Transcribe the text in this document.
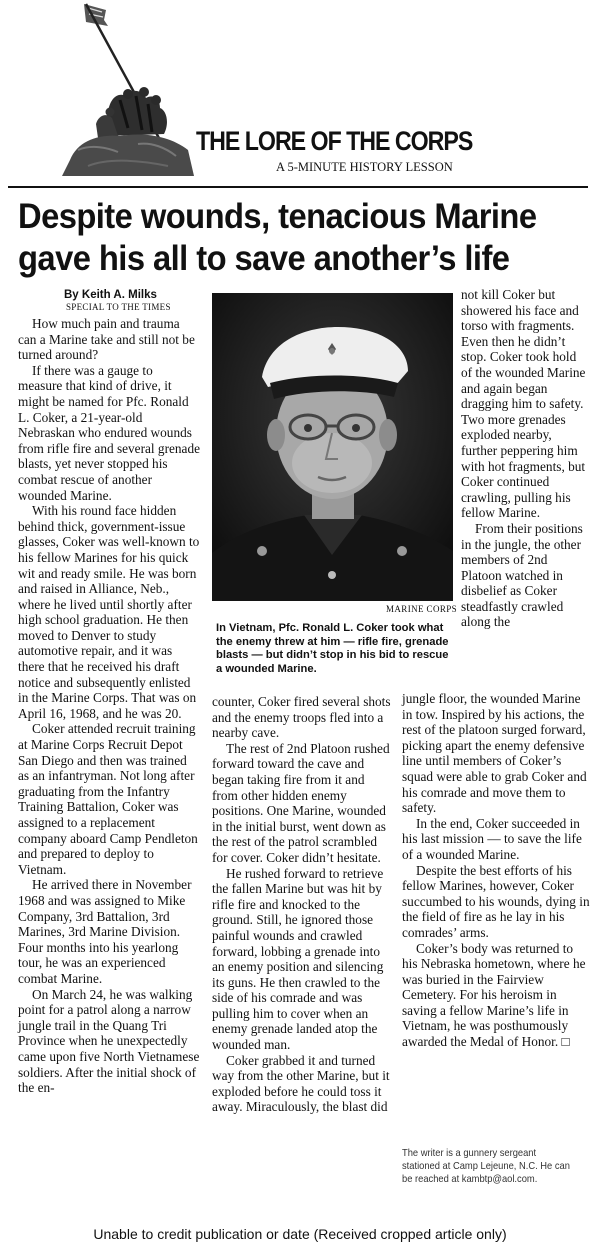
THE LORE OF THE CORPS
A 5-MINUTE HISTORY LESSON
Despite wounds, tenacious Marine
gave his all to save another’s life
By Keith A. Milks
SPECIAL TO THE TIMES

How much pain and trauma can a Marine take and still not be turned around?

If there was a gauge to measure that kind of drive, it might be named for Pfc. Ronald L. Coker, a 21-year-old Nebraskan who endured wounds from rifle fire and several grenade blasts, yet never stopped his combat rescue of another wounded Marine.

With his round face hidden behind thick, government-issue glasses, Coker was well-known to his fellow Marines for his quick wit and ready smile. He was born and raised in Alliance, Neb., where he lived until shortly after high school graduation. He then moved to Denver to study automotive repair, and it was there that he received his draft notice and subsequently enlisted in the Marine Corps. That was on April 16, 1968, and he was 20.

Coker attended recruit training at Marine Corps Recruit Depot San Diego and then was trained as an infantryman. Not long after graduating from the Infantry Training Battalion, Coker was assigned to a replacement company aboard Camp Pendleton and prepared to deploy to Vietnam.

He arrived there in November 1968 and was assigned to Mike Company, 3rd Battalion, 3rd Marines, 3rd Marine Division. Four months into his yearlong tour, he was an experienced combat Marine.

On March 24, he was walking point for a patrol along a narrow jungle trail in the Quang Tri Province when he unexpectedly came upon five North Vietnamese soldiers. After the initial shock of the en-

MARINE CORPS
In Vietnam, Pfc. Ronald L. Coker took what the enemy threw at him — rifle fire, grenade blasts — but didn’t stop in his bid to rescue a wounded Marine.

counter, Coker fired several shots and the enemy troops fled into a nearby cave.

The rest of 2nd Platoon rushed forward toward the cave and began taking fire from it and from other hidden enemy positions. One Marine, wounded in the initial burst, went down as the rest of the patrol scrambled for cover. Coker didn’t hesitate.

He rushed forward to retrieve the fallen Marine but was hit by rifle fire and knocked to the ground. Still, he ignored those painful wounds and crawled forward, lobbing a grenade into an enemy position and silencing its guns. He then crawled to the side of his comrade and was pulling him to cover when an enemy grenade landed atop the wounded man.

Coker grabbed it and turned way from the other Marine, but it exploded before he could toss it away. Miraculously, the blast did

not kill Coker but showered his face and torso with fragments. Even then he didn’t stop. Coker took hold of the wounded Marine and again began dragging him to safety. Two more grenades exploded nearby, further peppering him with hot fragments, but Coker continued crawling, pulling his fellow Marine.

From their positions in the jungle, the other members of 2nd Platoon watched in disbelief as Coker steadfastly crawled along the

jungle floor, the wounded Marine in tow. Inspired by his actions, the rest of the platoon surged forward, picking apart the enemy defensive line until members of Coker’s squad were able to grab Coker and his comrade and move them to safety.

In the end, Coker succeeded in his last mission — to save the life of a wounded Marine.

Despite the best efforts of his fellow Marines, however, Coker succumbed to his wounds, dying in the field of fire as he lay in his comrades’ arms.

Coker’s body was returned to his Nebraska hometown, where he was buried in the Fairview Cemetery. For his heroism in saving a fellow Marine’s life in Vietnam, he was posthumously awarded the Medal of Honor. □

The writer is a gunnery sergeant stationed at Camp Lejeune, N.C. He can be reached at kambtp@aol.com.
Unable to credit publication or date (Received cropped article only)
